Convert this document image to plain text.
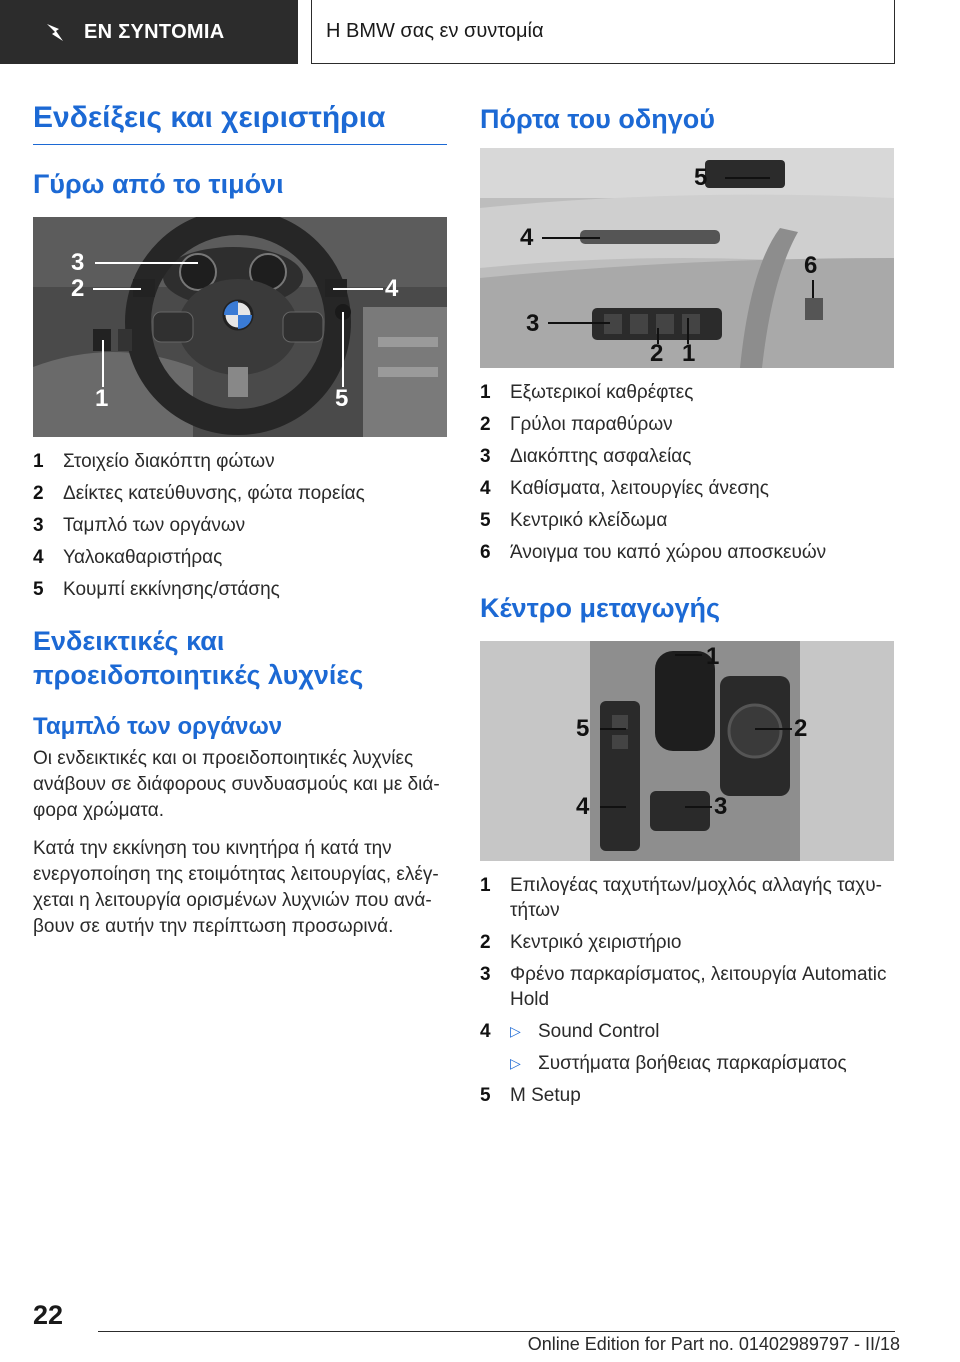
ΕΝ ΣΥΝΤΟΜΙΑ	Η BMW σας εν συντομία
Ενδείξεις και χειριστήρια
Γύρω από το τιμόνι
3
2	4
1	5
1	Στοιχείο διακόπτη φώτων
2	Δείκτες κατεύθυνσης, φώτα πορείας
3	Ταμπλό των οργάνων
4	Υαλοκαθαριστήρας
5	Κουμπί εκκίνησης/στάσης
Ενδεικτικές και προειδοποιητικές λυχνίες
Ταμπλό των οργάνων

Οι ενδεικτικές και οι προειδοποιητικές λυχνίες ανάβουν σε διάφορους συνδυασμούς και με διάφορα χρώματα.

Κατά την εκκίνηση του κινητήρα ή κατά την ενεργοποίηση της ετοιμότητας λειτουργίας, ελέγχεται η λειτουργία ορισμένων λυχνιών που ανάβουν σε αυτήν την περίπτωση προσωρινά.

Πόρτα του οδηγού
5
4
6
3
2 1
1	Εξωτερικοί καθρέφτες
2	Γρύλοι παραθύρων
3	Διακόπτης ασφαλείας
4	Καθίσματα, λειτουργίες άνεσης
5	Κεντρικό κλείδωμα
6	Άνοιγμα του καπό χώρου αποσκευών
Κέντρο μεταγωγής
1
5	2
4	3
1	Επιλογέας ταχυτήτων/μοχλός αλλαγής ταχυτήτων
2	Κεντρικό χειριστήριο
3	Φρένο παρκαρίσματος, λειτουργία Automatic Hold
4	▷ Sound Control
▷ Συστήματα βοήθειας παρκαρίσματος
5	M Setup
22
Online Edition for Part no. 01402989797 - II/18
